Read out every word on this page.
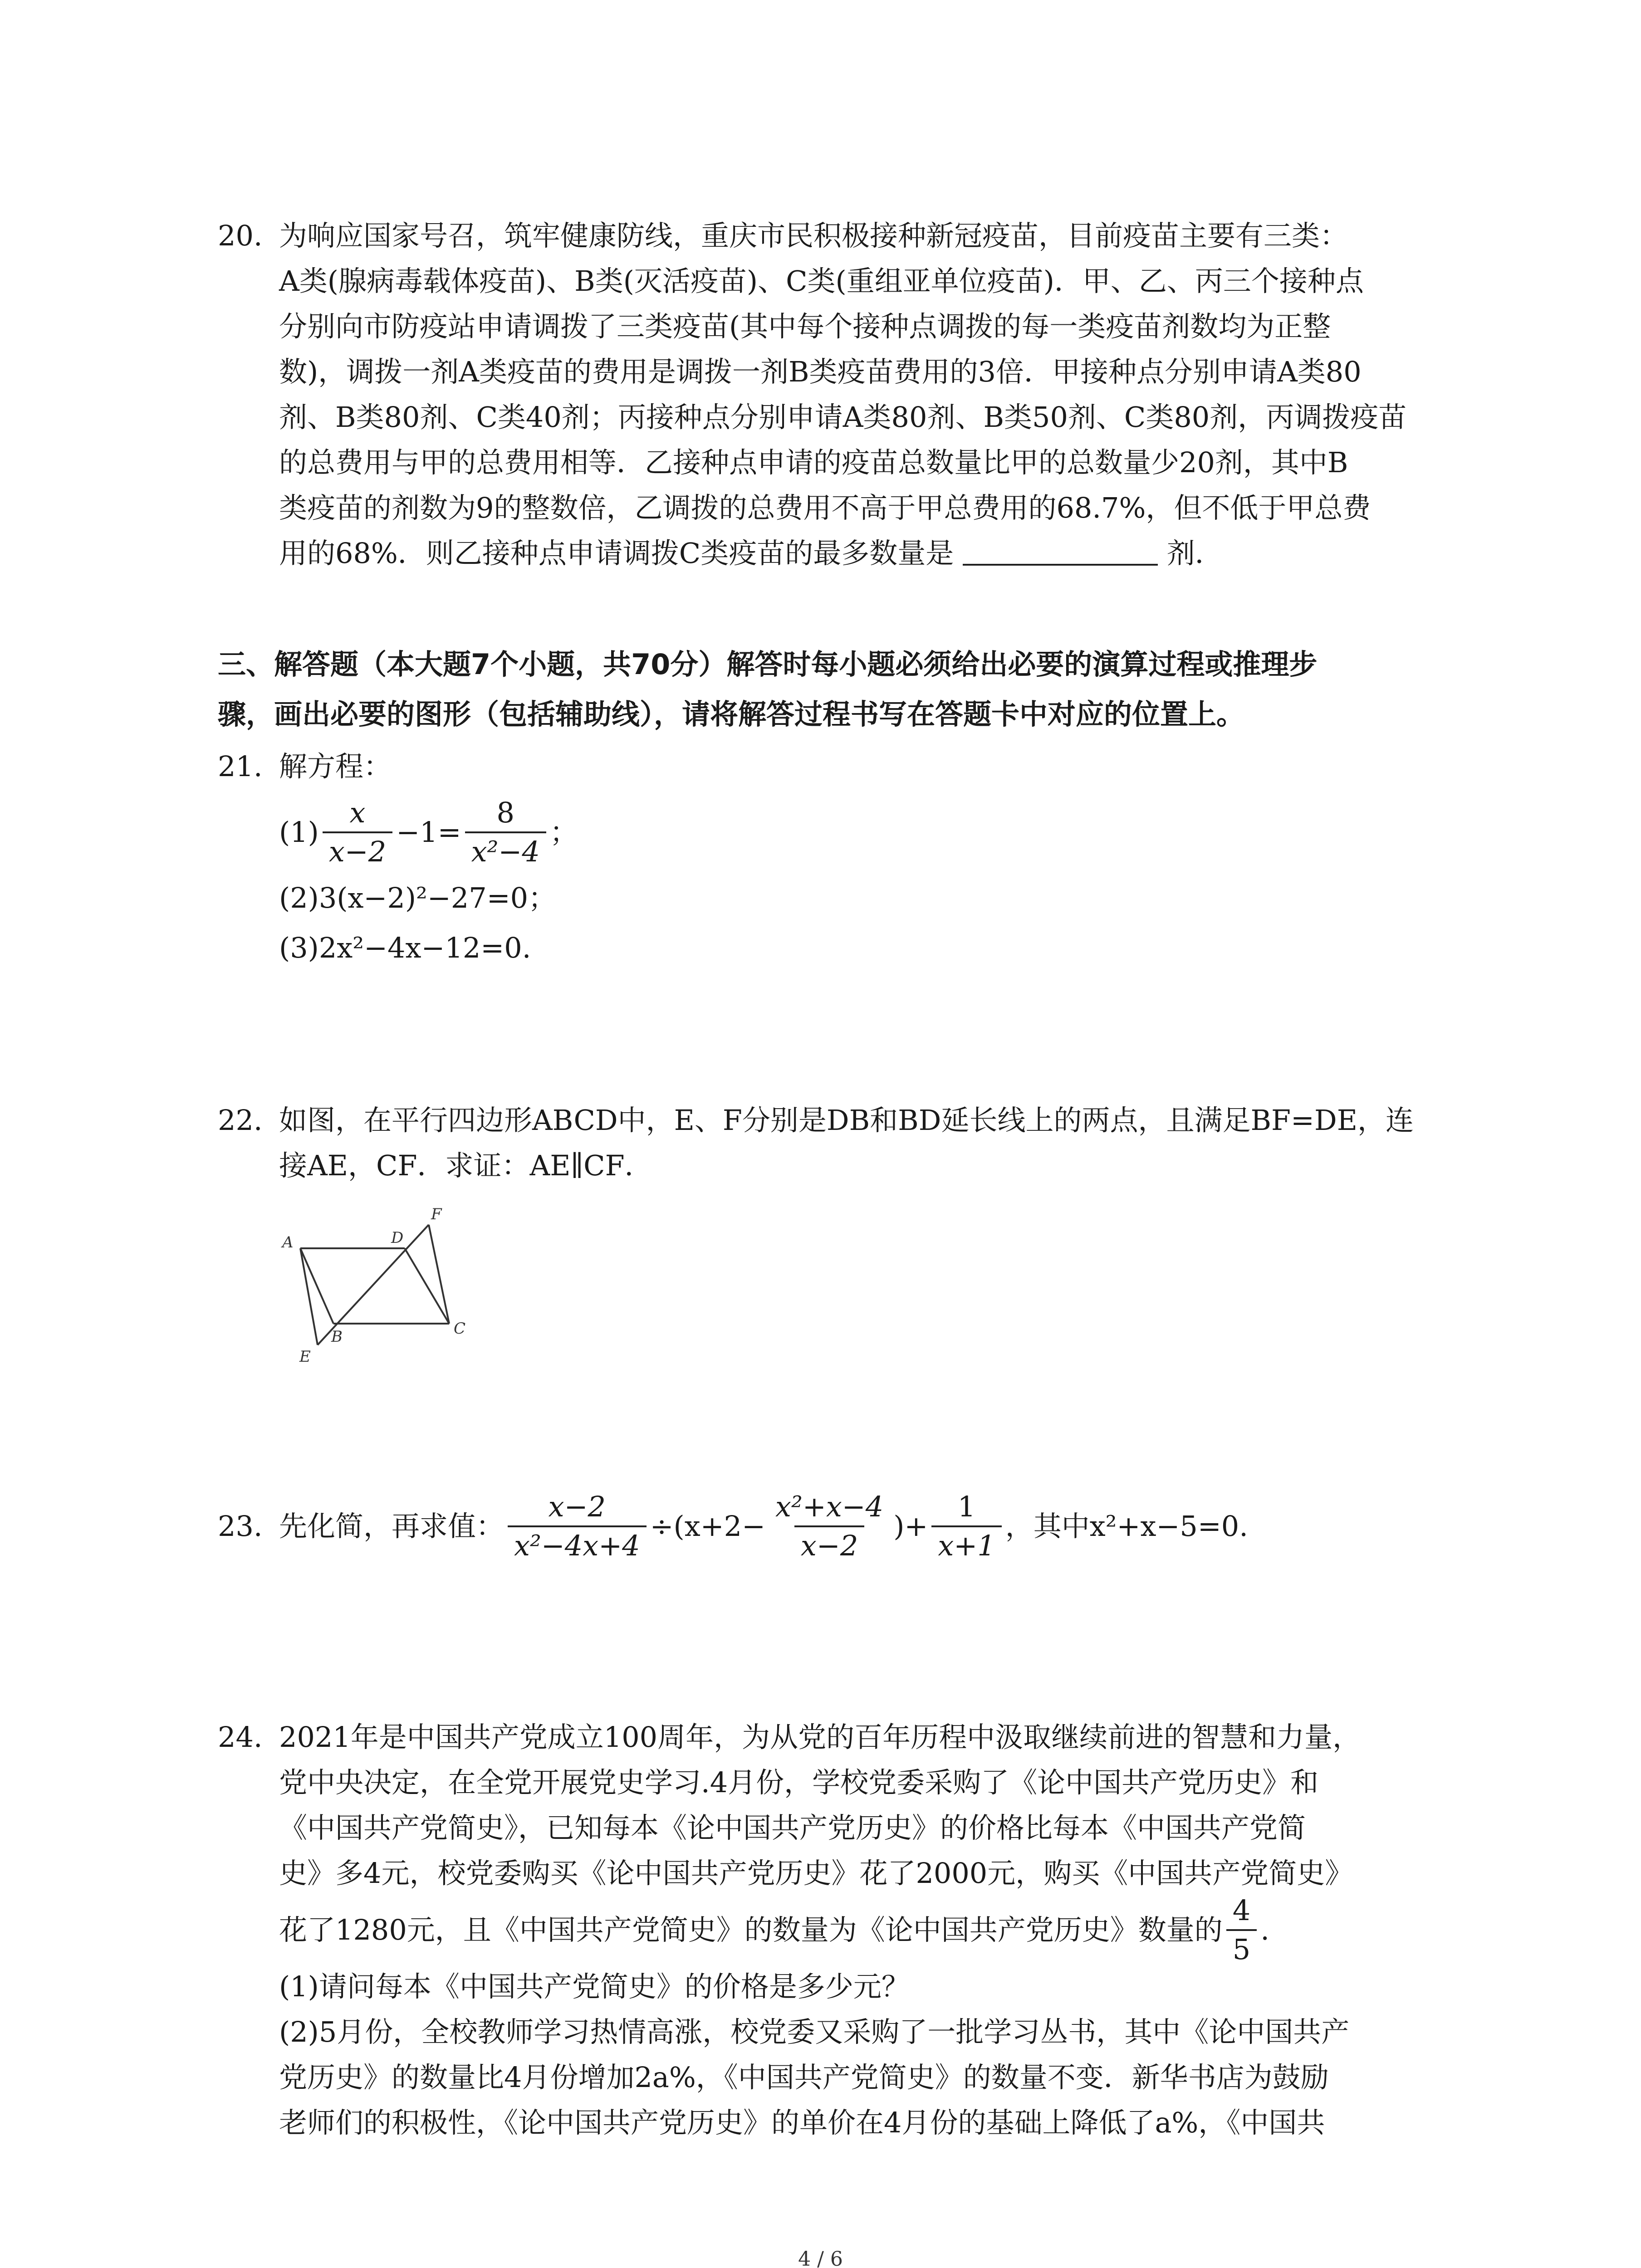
20. 为响应国家号召，筑牢健康防线，重庆市民积极接种新冠疫苗，目前疫苗主要有三类：
A类(腺病毒载体疫苗)、B类(灭活疫苗)、C类(重组亚单位疫苗)．甲、乙、丙三个接种点
分别向市防疫站申请调拨了三类疫苗(其中每个接种点调拨的每一类疫苗剂数均为正整
数)，调拨一剂A类疫苗的费用是调拨一剂B类疫苗费用的3倍．甲接种点分别申请A类80
剂、B类80剂、C类40剂；丙接种点分别申请A类80剂、B类50剂、C类80剂，丙调拨疫苗
的总费用与甲的总费用相等．乙接种点申请的疫苗总数量比甲的总数量少20剂，其中B
类疫苗的剂数为9的整数倍，乙调拨的总费用不高于甲总费用的68.7%，但不低于甲总费
用的68%．则乙接种点申请调拨C类疫苗的最多数量是	剂．
三、解答题（本大题7个小题，共70分）解答时每小题必须给出必要的演算过程或推理步
骤，画出必要的图形（包括辅助线），请将解答过程书写在答题卡中对应的位置上。
21. 解方程：
$(1) \frac{x}{x-2} -1= \frac{8}{\text{x²−4}}$ ；
(2)3(x−2)²−27=0；
(3)2x²−4x−12=0.
22. 如图，在平行四边形ABCD中，E、F分别是DB和BD延长线上的两点，且满足BF=DE，连
接AE，CF．求证：AE∥CF．
A	D
F
B	C
E
23. 先化简，再求值： $\frac{x-2}{\text{x²−4x+4}} \div(x+2- \frac{\text{x²+x−4}}{x-2}$ )+ $\frac{1}{x+1}$ ，其中x²+x−5=0.
24. 2021年是中国共产党成立100周年，为从党的百年历程中汲取继续前进的智慧和力量，
党中央决定，在全党开展党史学习.4月份，学校党委采购了《论中国共产党历史》和
《中国共产党简史》，已知每本《论中国共产党历史》的价格比每本《中国共产党简
史》多4元，校党委购买《论中国共产党历史》花了2000元，购买《中国共产党简史》
花了1280元，且《中国共产党简史》的数量为《论中国共产党历史》数量的 $\frac{4}{5}$ .
(1)请问每本《中国共产党简史》的价格是多少元？
(2)5月份，全校教师学习热情高涨，校党委又采购了一批学习丛书，其中《论中国共产
党历史》的数量比4月份增加2a%，《中国共产党简史》的数量不变．新华书店为鼓励
老师们的积极性，《论中国共产党历史》的单价在4月份的基础上降低了a%，《中国共
4 / 6
